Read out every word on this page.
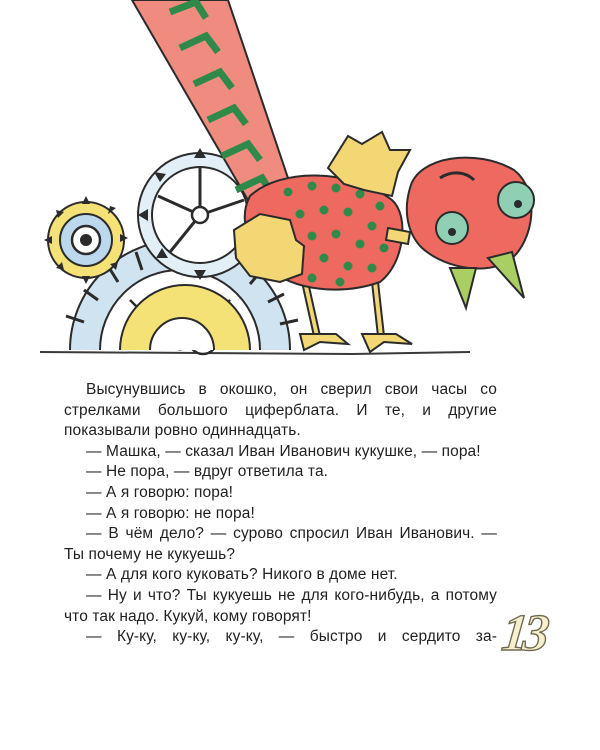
Высунувшись в окошко, он сверил свои часы со стрелками большого циферблата. И те, и другие показывали ровно одиннадцать.

— Машка, — сказал Иван Иванович кукушке, — пора!

— Не пора, — вдруг ответила та.

— А я говорю: пора!

— А я говорю: не пора!

— В чём дело? — сурово спросил Иван Иванович. — Ты почему не кукуешь?

— А для кого куковать? Никого в доме нет.

— Ну и что? Ты кукуешь не для кого-нибудь, а потому что так надо. Кукуй, кому говорят!

— Ку-ку, ку-ку, ку-ку, — быстро и сердито за- 13
